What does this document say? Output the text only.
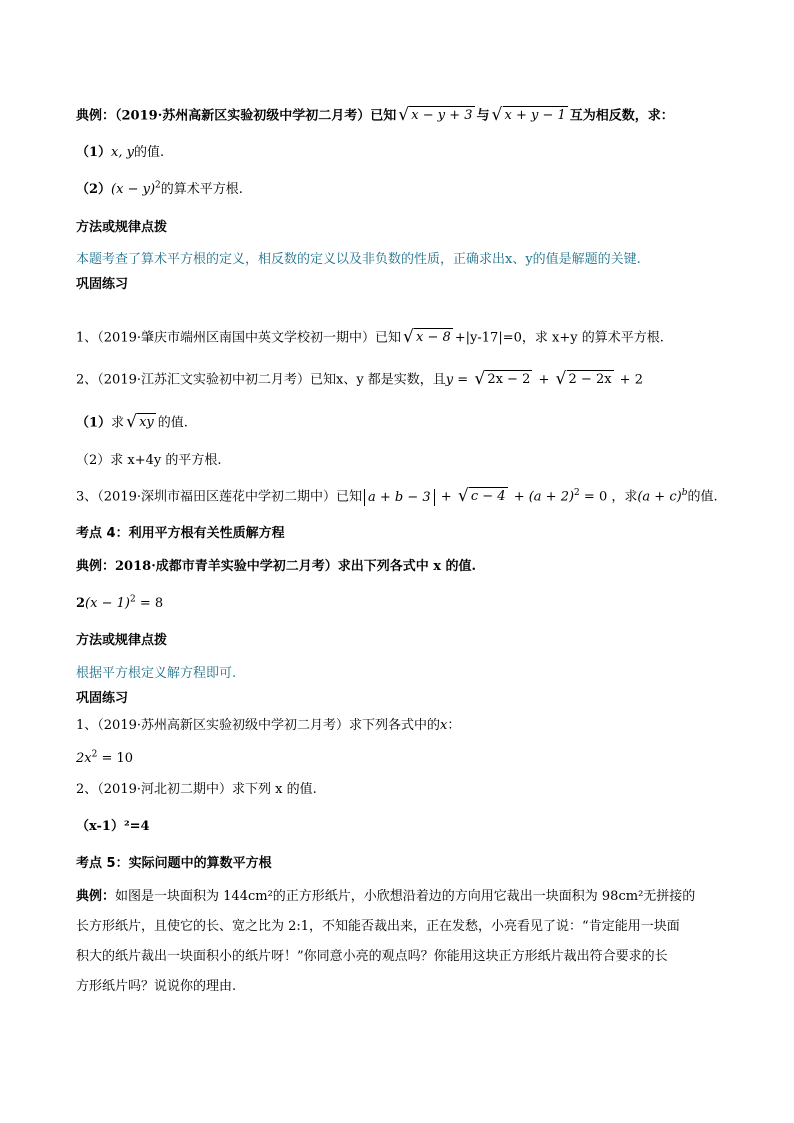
典例：（2019·苏州高新区实验初级中学初二月考）已知 √ x − y + 3 与 √ x + y − 1 互为相反数，求：
（1）x, y的值.
$(2)(x - y)^2$的算术平方根.
方法或规律点拨
本题考查了算术平方根的定义，相反数的定义以及非负数的性质，正确求出x、y的值是解题的关键.
巩固练习
1、（2019·肇庆市端州区南国中英文学校初一期中）已知 √ x − 8 +|y-17|=0，求 x+y 的算术平方根.
2、（2019·江苏汇文实验初中初二月考）已知x、y 都是实数，且y = √ 2x − 2 + √ 2 − 2x + 2
（1）求 √ xy 的值.
（2）求 x+4y 的平方根.
3、（2019·深圳市福田区莲花中学初二期中）已知 a + b − 3 + √ $c - 4 + (a + 2)^2 = 0$ ，求$(a + c)^b$的值.
考点 4：利用平方根有关性质解方程
典例：2018·成都市青羊实验中学初二月考）求出下列各式中 x 的值.
$2(x - 1)^2 = 8$
方法或规律点拨
根据平方根定义解方程即可.
巩固练习
1、（2019·苏州高新区实验初级中学初二月考）求下列各式中的x：
$2x^2 = 10$
2、（2019·河北初二期中）求下列 x 的值.
（x-1）²=4
考点 5：实际问题中的算数平方根
典例：如图是一块面积为 144cm²的正方形纸片，小欣想沿着边的方向用它裁出一块面积为 98cm²无拼接的
长方形纸片，且使它的长、宽之比为 2:1，不知能否裁出来，正在发愁，小亮看见了说：“肯定能用一块面
积大的纸片裁出一块面积小的纸片呀！”你同意小亮的观点吗？你能用这块正方形纸片裁出符合要求的长
方形纸片吗？说说你的理由.
